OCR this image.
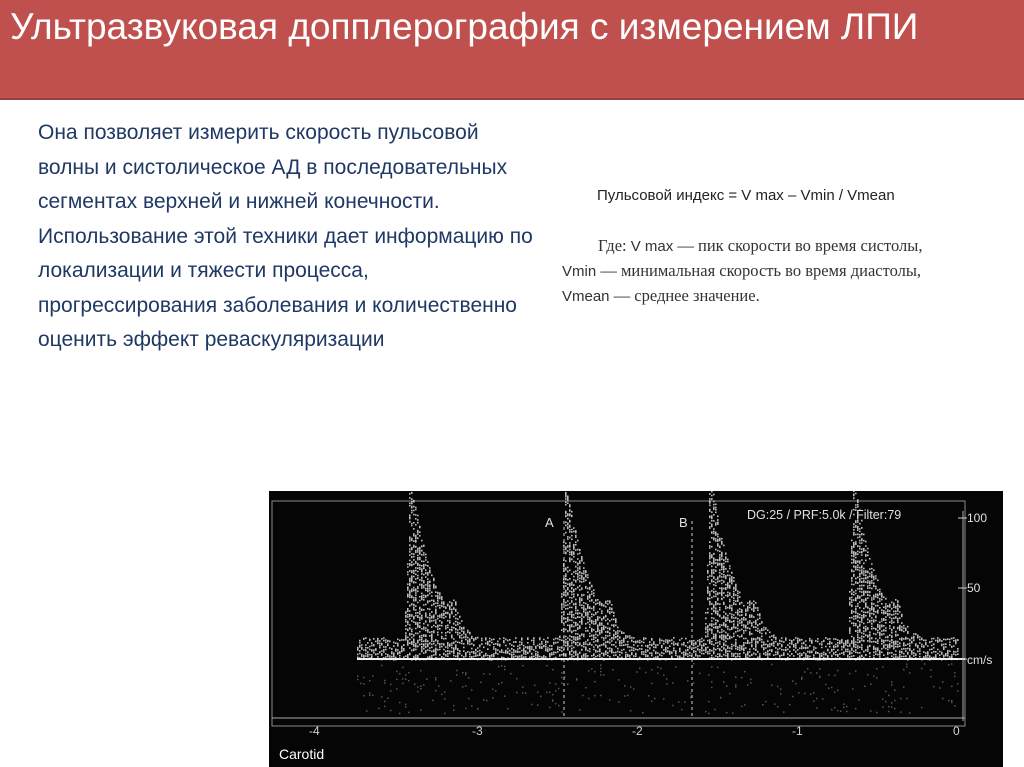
Ультразвуковая допплерография с измерением ЛПИ

Она позволяет измерить скорость пульсовой волны и систолическое АД в последовательных сегментах верхней и нижней конечности. Использование этой техники дает информацию по локализации и тяжести процесса, прогрессирования заболевания и количественно оценить эффект реваскуляризации

Пульсовой индекс = V max – Vmin / Vmean
Где: V max — пик скорости во время систолы,
Vmin — минимальная скорость во время диастолы,
Vmean — среднее значение.
A	B	DG:25 / PRF:5.0k / Filter:79	100
50
cm/s
-4	-3	-2	-1	0
Carotid
